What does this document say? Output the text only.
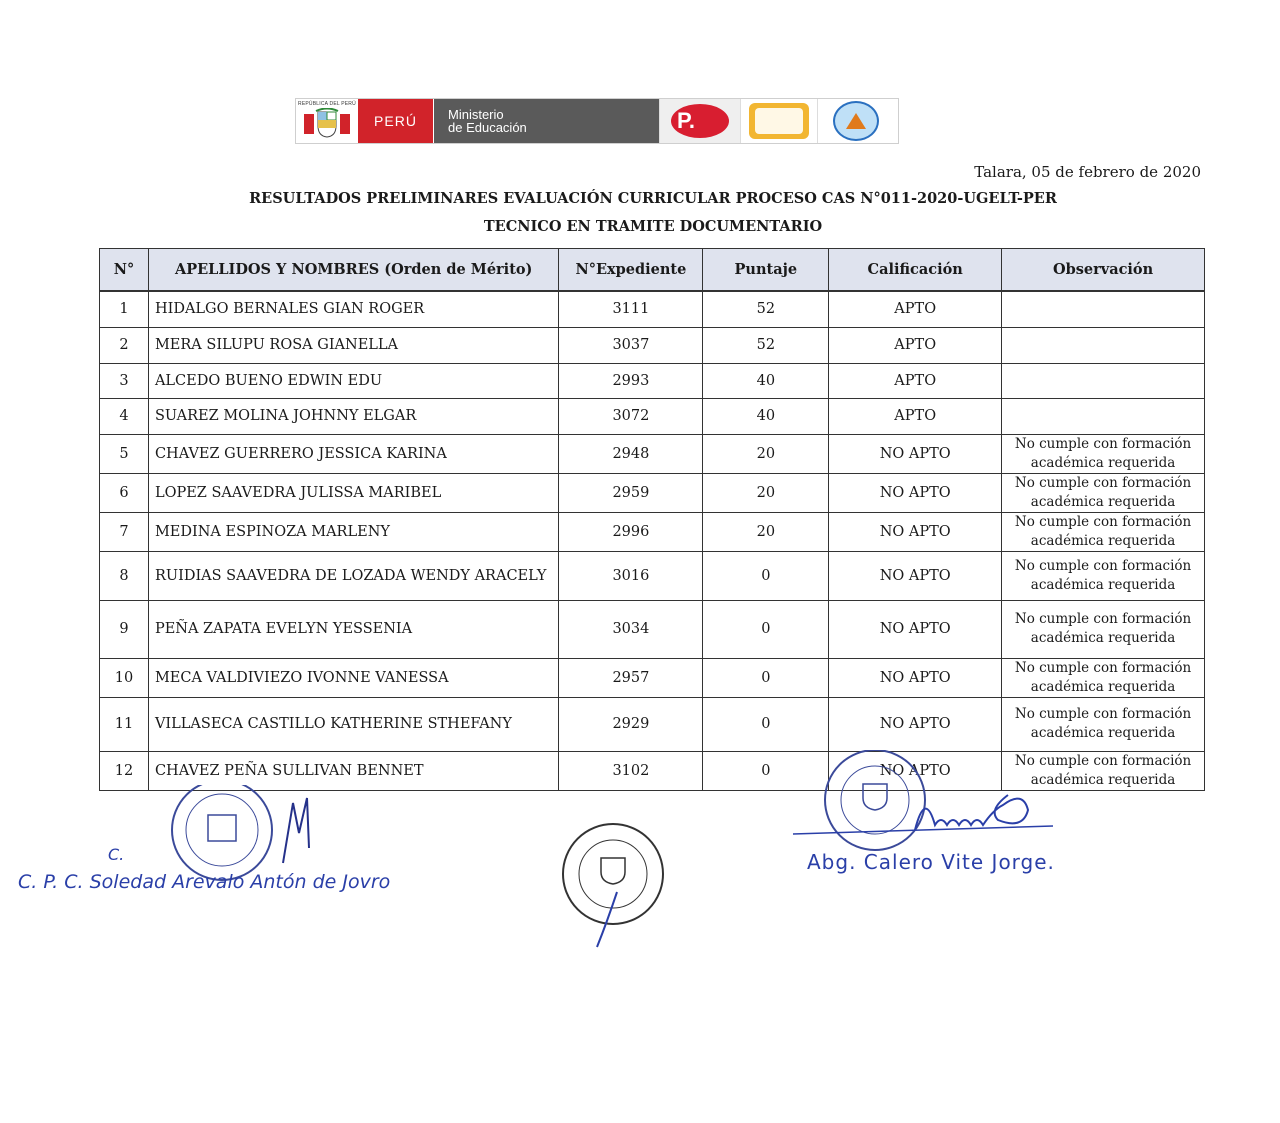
REPÚBLICA DEL PERÚ
PERÚ Ministerio
de Educación	P.
Talara, 05 de febrero de 2020
RESULTADOS PRELIMINARES EVALUACIÓN CURRICULAR PROCESO CAS N°011-2020-UGELT-PER
TECNICO EN TRAMITE DOCUMENTARIO
N°	APELLIDOS Y NOMBRES (Orden de Mérito)	N°Expediente	Puntaje	Calificación	Observación
1	HIDALGO BERNALES GIAN ROGER	3111	52	APTO	

2	MERA SILUPU ROSA GIANELLA	3037	52	APTO	

3	ALCEDO BUENO EDWIN EDU	2993	40	APTO	

4	SUAREZ MOLINA JOHNNY ELGAR	3072	40	APTO	

5	CHAVEZ GUERRERO JESSICA KARINA	2948	20	NO APTO	No cumple con formación
académica requerida

6	LOPEZ SAAVEDRA JULISSA MARIBEL	2959	20	NO APTO	No cumple con formación
académica requerida

7	MEDINA ESPINOZA MARLENY	2996	20	NO APTO	No cumple con formación
académica requerida

8	RUIDIAS SAAVEDRA DE LOZADA WENDY ARACELY	3016	0	NO APTO	No cumple con formación
académica requerida

9	PEÑA ZAPATA EVELYN YESSENIA	3034	0	NO APTO	No cumple con formación
académica requerida

10	MECA VALDIVIEZO IVONNE VANESSA	2957	0	NO APTO	No cumple con formación
académica requerida

11	VILLASECA CASTILLO KATHERINE STHEFANY	2929	0	NO APTO	No cumple con formación
académica requerida

12	CHAVEZ PEÑA SULLIVAN BENNET	3102	0	NO APTO	No cumple con formación
académica requerida
C.
C. P. C. Soledad Arevalo Antón de Jovro
Abg. Calero Vite Jorge.
